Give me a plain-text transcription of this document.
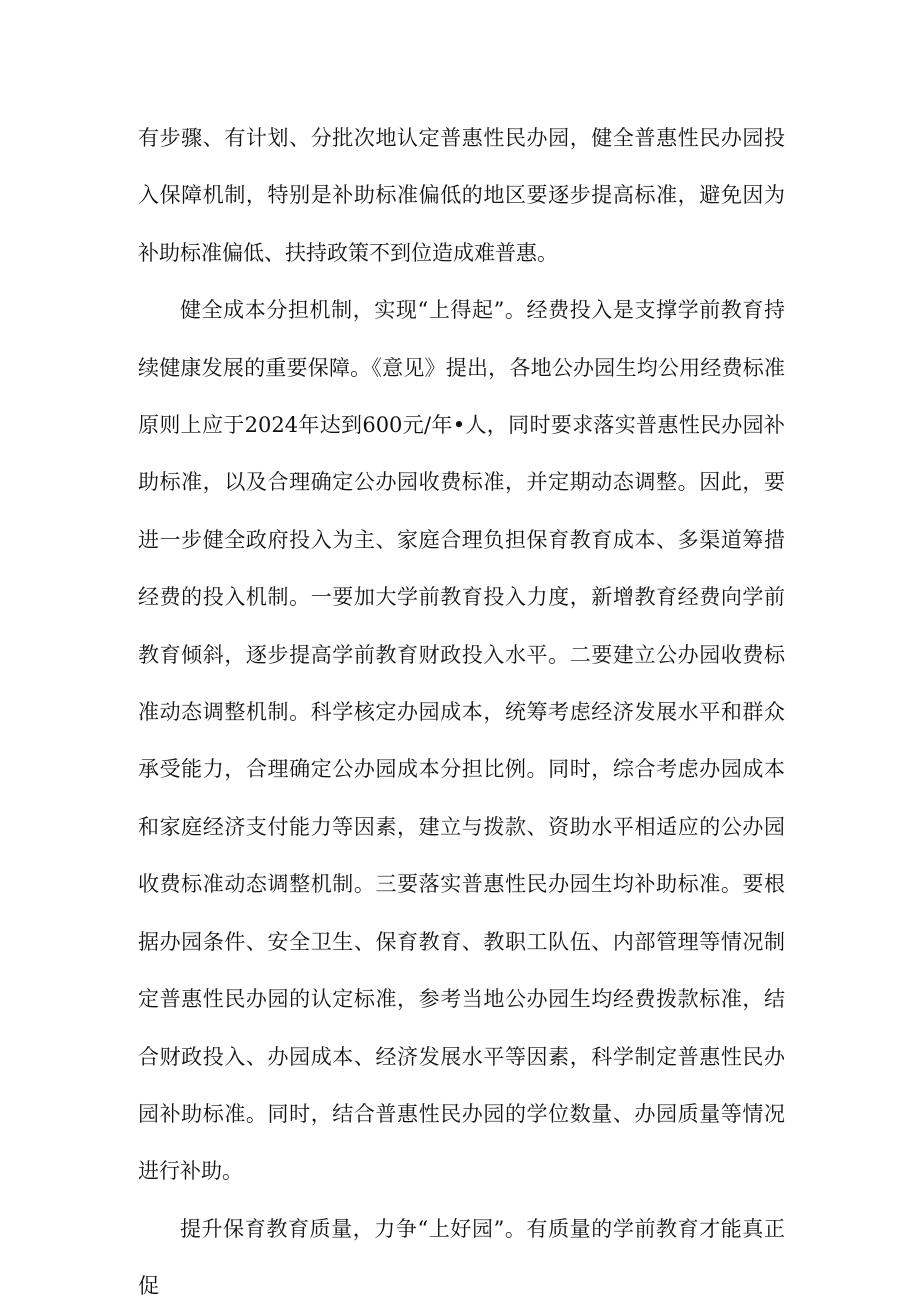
有步骤、有计划、分批次地认定普惠性民办园，健全普惠性民办园投入保障机制，特别是补助标准偏低的地区要逐步提高标准，避免因为补助标准偏低、扶持政策不到位造成难普惠。

健全成本分担机制，实现“上得起”。经费投入是支撑学前教育持续健康发展的重要保障。《意见》提出，各地公办园生均公用经费标准原则上应于2024年达到600元/年•人，同时要求落实普惠性民办园补助标准，以及合理确定公办园收费标准，并定期动态调整。因此，要进一步健全政府投入为主、家庭合理负担保育教育成本、多渠道筹措经费的投入机制。一要加大学前教育投入力度，新增教育经费向学前教育倾斜，逐步提高学前教育财政投入水平。二要建立公办园收费标准动态调整机制。科学核定办园成本，统筹考虑经济发展水平和群众承受能力，合理确定公办园成本分担比例。同时，综合考虑办园成本和家庭经济支付能力等因素，建立与拨款、资助水平相适应的公办园收费标准动态调整机制。三要落实普惠性民办园生均补助标准。要根据办园条件、安全卫生、保育教育、教职工队伍、内部管理等情况制定普惠性民办园的认定标准，参考当地公办园生均经费拨款标准，结合财政投入、办园成本、经济发展水平等因素，科学制定普惠性民办园补助标准。同时，结合普惠性民办园的学位数量、办园质量等情况进行补助。

提升保育教育质量，力争“上好园”。有质量的学前教育才能真正促
